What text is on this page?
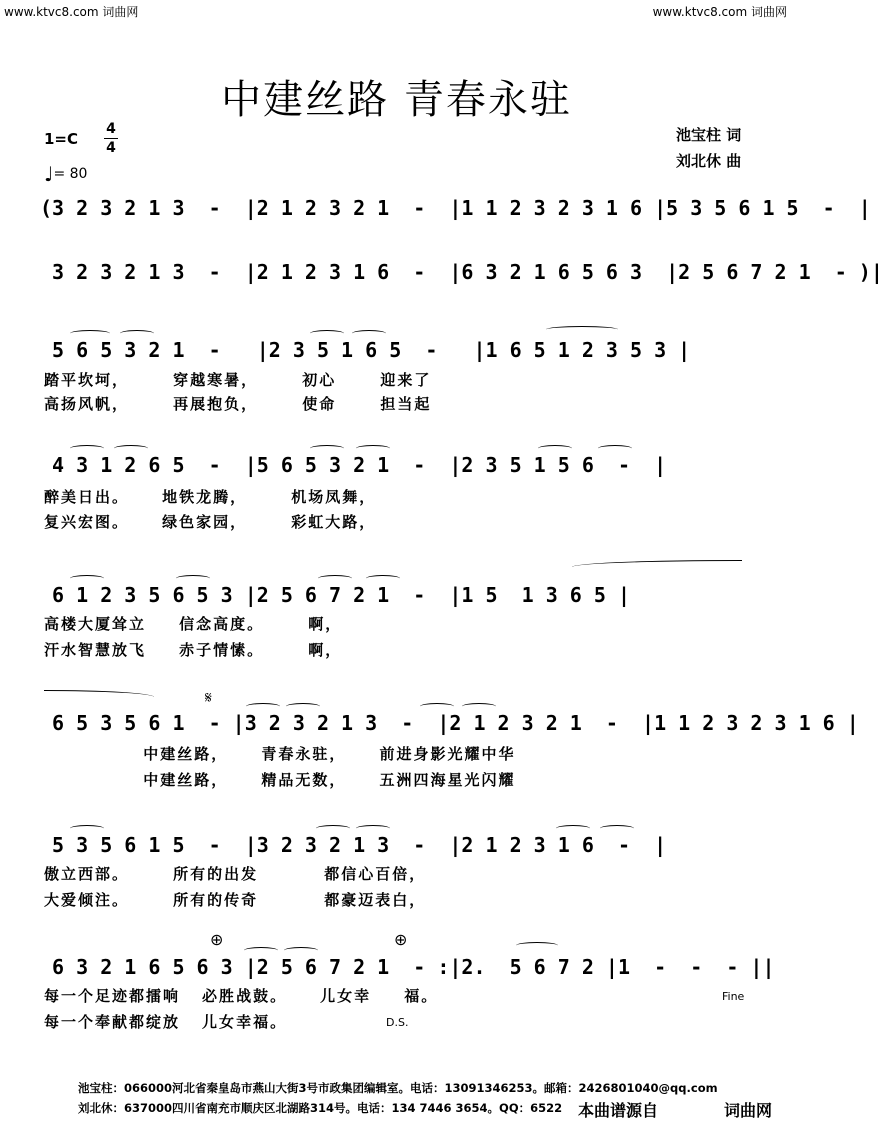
www.ktvc8.com 词曲网	www.ktvc8.com 词曲网
中建丝路 青春永驻
1=C
4
4
♩= 80
池宝柱 词
刘北休 曲
(3 2 3 2 1 3  -  |2 1 2 3 2 1  -  |1 1 2 3 2 3 1 6 |5 3 5 6 1 5  -  |
3 2 3 2 1 3  -  |2 1 2 3 1 6  -  |6 3 2 1 6 5 6 3  |2 5 6 7 2 1  - )|
5 6 5 3 2 1  -   |2 3 5 1 6 5  -   |1 6 5 1 2 3 5 3 |
踏平坎坷，    穿越寒暑，    初心    迎来了
高扬风帆，    再展抱负，    使命    担当起
4 3 1 2 6 5  -  |5 6 5 3 2 1  -  |2 3 5 1 5 6  -  |
醉美日出。   地铁龙腾，    机场凤舞，
复兴宏图。   绿色家园，    彩虹大路，
6 1 2 3 5 6 5 3 |2 5 6 7 2 1  -  |1 5  1 3 6 5 |
高楼大厦耸立   信念高度。    啊，
汗水智慧放飞   赤子情愫。    啊，
𝄋
6 5 3 5 6 1  - |3 2 3 2 1 3  -  |2 1 2 3 2 1  -  |1 1 2 3 2 3 1 6 |
中建丝路，   青春永驻，   前进身影光耀中华
中建丝路，   精品无数，   五洲四海星光闪耀
5 3 5 6 1 5  -  |3 2 3 2 1 3  -  |2 1 2 3 1 6  -  |
傲立西部。    所有的出发      都信心百倍，
大爱倾注。    所有的传奇      都豪迈表白，
⊕	⊕
6 3 2 1 6 5 6 3 |2 5 6 7 2 1  - :|2.  5 6 7 2 |1  -  -  - ||
每一个足迹都擂响  必胜战鼓。   儿女幸   福。
每一个奉献都绽放  儿女幸福。
Fine
D.S.
池宝柱：066000河北省秦皇岛市燕山大街3号市政集团编辑室。电话：13091346253。邮箱：2426801040@qq.com
刘北休：637000四川省南充市顺庆区北湖路314号。电话：134 7446 3654。QQ：6522 本曲谱源自	词曲网
